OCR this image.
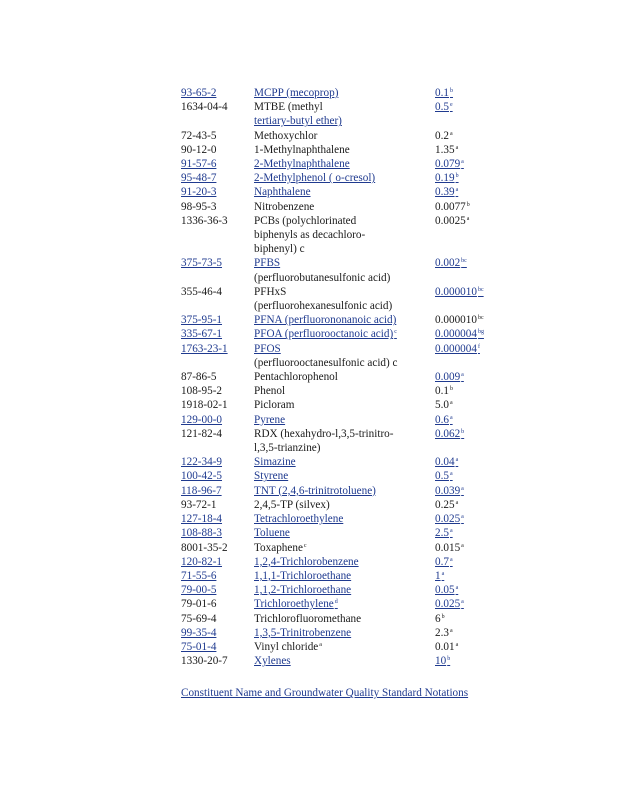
93-65-2	MCPP (mecoprop)	0.1$^b$
1634-04-4	MTBE (methyl
tertiary-butyl ether)	0.5e
72-43-5	Methoxychlor	0.2$^a$
90-12-0	1-Methylnaphthalene	1.35$^a$
91-57-6	2-Methylnaphthalene	0.079$^a$
95-48-7	2-Methylphenol ( o-cresol)	0.19$^b$
91-20-3	Naphthalene	0.39$^a$
98-95-3	Nitrobenzene	0.0077$^b$
1336-36-3	PCBs (polychlorinated
biphenyls as decachloro-
biphenyl) c	0.0025$^a$
375-73-5	PFBS
(perfluorobutanesulfonic acid)	0.002$^{bc}$
355-46-4	PFHxS
(perfluorohexanesulfonic acid)	0.000010$^{bc}$
375-95-1	PFNA (perfluorononanoic acid)	0.000010$^{bc}$
335-67-1	PFOA (perfluorooctanoic acid)$^c$	0.000004$^{bg}$
1763-23-1	PFOS
(perfluorooctanesulfonic acid) c	0.000004$^f$
87-86-5	Pentachlorophenol	0.009$^a$
108-95-2	Phenol	0.1$^b$
1918-02-1	Picloram	5.0$^a$
129-00-0	Pyrene	0.6$^a$
121-82-4	RDX (hexahydro-l,3,5-trinitro-
l,3,5-trianzine)	0.062$^b$
122-34-9	Simazine	0.04$^a$
100-42-5	Styrene	0.5$^a$
118-96-7	TNT (2,4,6-trinitrotoluene)	0.039$^a$
93-72-1	2,4,5-TP (silvex)	0.25$^a$
127-18-4	Tetrachloroethylene	0.025$^a$
108-88-3	Toluene	2.5$^a$
8001-35-2	Toxaphene$^c$	0.015$^a$
120-82-1	1,2,4-Trichlorobenzene	0.7$^a$
71-55-6	1,1,1-Trichloroethane	1$^a$
79-00-5	1,1,2-Trichloroethane	0.05$^a$
79-01-6	Trichloroethylene$^d$	0.025$^a$
75-69-4	Trichlorofluoromethane	6$^b$
99-35-4	1,3,5-Trinitrobenzene	2.3$^a$
75-01-4	Vinyl chloride$^a$	0.01$^a$
1330-20-7	Xylenes	10$^b$
Constituent Name and Groundwater Quality Standard Notations
